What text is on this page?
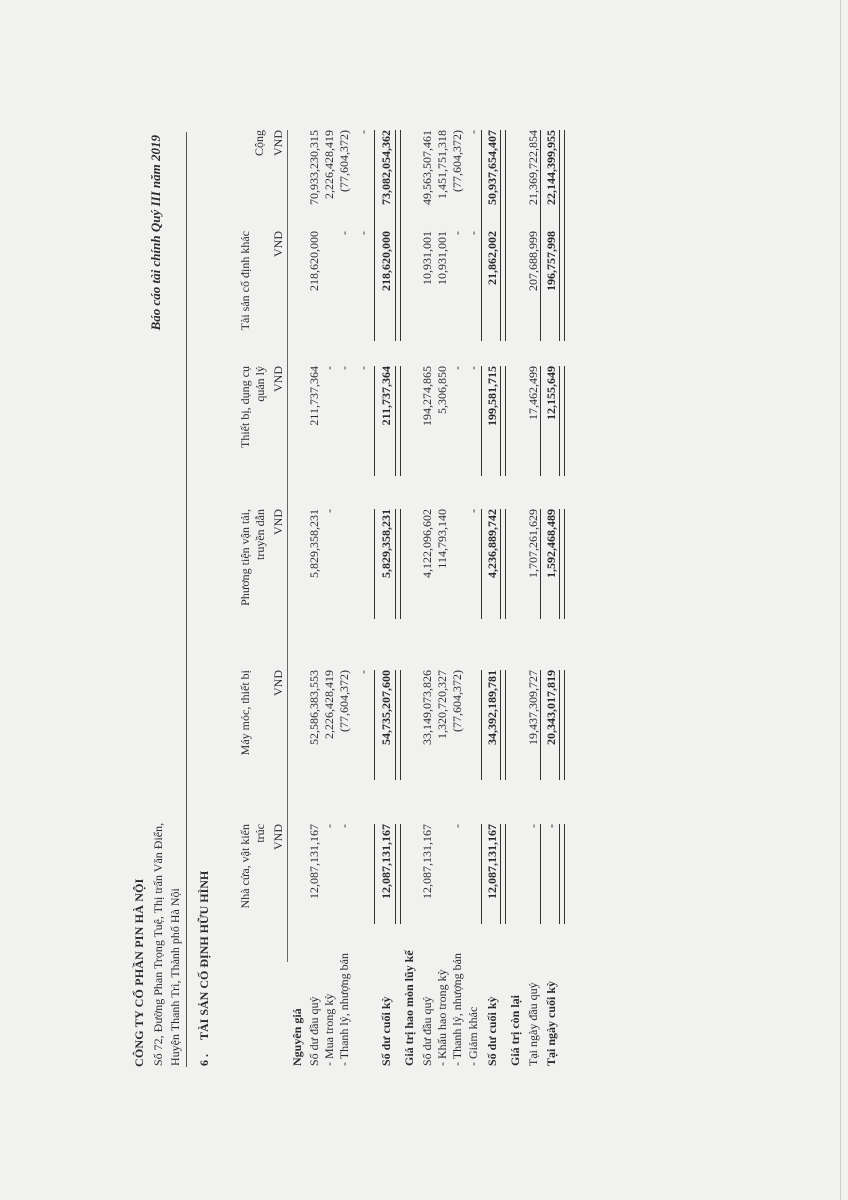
CÔNG TY CỔ PHẦN PIN HÀ NỘI Số 72, Đường Phan Trọng Tuệ, Thị trấn Văn Điển, Huyện Thanh Trì, Thành phố Hà Nội
Báo cáo tài chính Quý III năm 2019
6 .
TÀI SẢN CỐ ĐỊNH HỮU HÌNH
Nhà cửa, vật kiến trúc VND
Máy móc, thiết bị VND
Phương tiện vận tải, truyền dẫn VND
Thiết bị, dụng cụ quản lý VND
Tài sản cố định khác VND
Cộng VND
Nguyên giá Số dư đầu quý
12,087,131,167
52,586,383,553
5,829,358,231
211,737,364
218,620,000
70,933,230,315
- Mua trong kỳ
-
2,226,428,419
-
-
2,226,428,419
- Thanh lý, nhượng bán
-
(77,604,372)
-
-
(77,604,372)
-
-
-
-
Số dư cuối kỳ
12,087,131,167
54,735,207,600
5,829,358,231
211,737,364
218,620,000
73,082,054,362
Giá trị hao mòn lũy kế Số dư đầu quý
12,087,131,167
33,149,073,826
4,122,096,602
194,274,865
10,931,001
49,563,507,461
- Khấu hao trong kỳ
1,320,720,327
114,793,140
5,306,850
10,931,001
1,451,751,318
- Thanh lý, nhượng bán
-
(77,604,372)
-
-
(77,604,372)
- Giảm khác
-
-
-
-
Số dư cuối kỳ
12,087,131,167
34,392,189,781
4,236,889,742
199,581,715
21,862,002
50,937,654,407
Giá trị còn lại Tại ngày đầu quý
-
19,437,309,727
1,707,261,629
17,462,499
207,688,999
21,369,722,854
Tại ngày cuối kỳ
-
20,343,017,819
1,592,468,489
12,155,649
196,757,998
22,144,399,955
